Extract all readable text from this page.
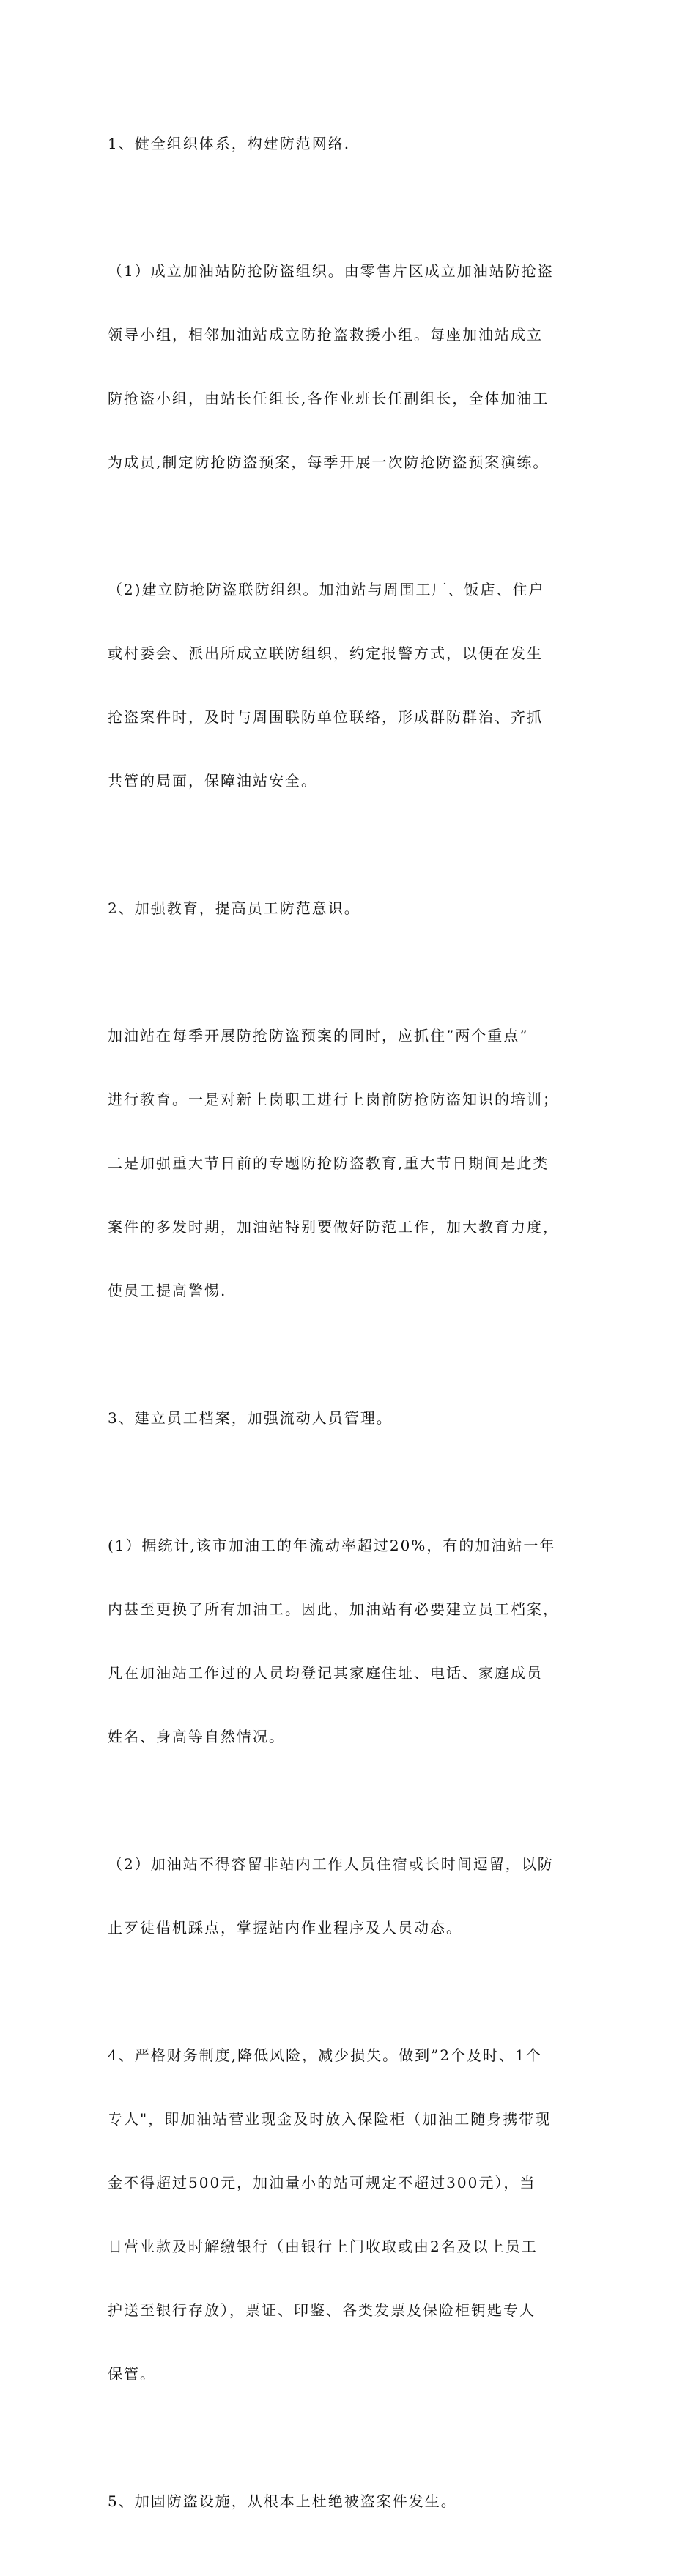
1、健全组织体系，构建防范网络.

（1）成立加油站防抢防盗组织。由零售片区成立加油站防抢盗

领导小组，相邻加油站成立防抢盗救援小组。每座加油站成立

防抢盗小组，由站长任组长,各作业班长任副组长，全体加油工

为成员,制定防抢防盗预案，每季开展一次防抢防盗预案演练。

（2)建立防抢防盗联防组织。加油站与周围工厂、饭店、住户

或村委会、派出所成立联防组织，约定报警方式，以便在发生

抢盗案件时，及时与周围联防单位联络，形成群防群治、齐抓

共管的局面，保障油站安全。

2、加强教育，提高员工防范意识。

加油站在每季开展防抢防盗预案的同时，应抓住”两个重点”

进行教育。一是对新上岗职工进行上岗前防抢防盗知识的培训；

二是加强重大节日前的专题防抢防盗教育,重大节日期间是此类

案件的多发时期，加油站特别要做好防范工作，加大教育力度，

使员工提高警惕.

3、建立员工档案，加强流动人员管理。

(1）据统计,该市加油工的年流动率超过20%，有的加油站一年

内甚至更换了所有加油工。因此，加油站有必要建立员工档案，

凡在加油站工作过的人员均登记其家庭住址、电话、家庭成员

姓名、身高等自然情况。

（2）加油站不得容留非站内工作人员住宿或长时间逗留，以防

止歹徒借机踩点，掌握站内作业程序及人员动态。

4、严格财务制度,降低风险，减少损失。做到”2个及时、1个

专人"，即加油站营业现金及时放入保险柜（加油工随身携带现

金不得超过500元，加油量小的站可规定不超过300元），当

日营业款及时解缴银行（由银行上门收取或由2名及以上员工

护送至银行存放），票证、印鉴、各类发票及保险柜钥匙专人

保管。

5、加固防盗设施，从根本上杜绝被盗案件发生。
